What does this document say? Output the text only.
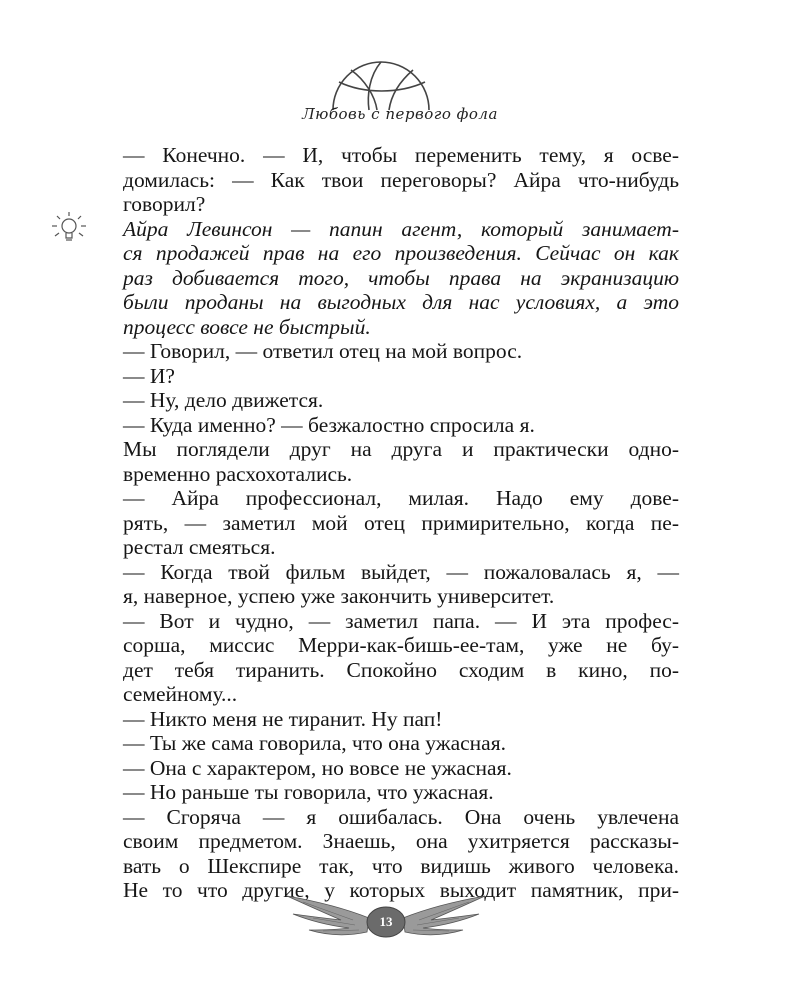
Любовь с первого фола
— Конечно. — И, чтобы переменить тему, я осве-
домилась: — Как твои переговоры? Айра что-нибудь
говорил?
Айра Левинсон — папин агент, который занимает-
ся продажей прав на его произведения. Сейчас он как
раз добивается того, чтобы права на экранизацию
были проданы на выгодных для нас условиях, а это
процесс вовсе не быстрый.
— Говорил, — ответил отец на мой вопрос.
— И?
— Ну, дело движется.
— Куда именно? — безжалостно спросила я.
Мы поглядели друг на друга и практически одно-
временно расхохотались.
— Айра профессионал, милая. Надо ему дове-
рять, — заметил мой отец примирительно, когда пе-
рестал смеяться.
— Когда твой фильм выйдет, — пожаловалась я, —
я, наверное, успею уже закончить университет.
— Вот и чудно, — заметил папа. — И эта профес-
сорша, миссис Мерри-как-бишь-ее-там, уже не бу-
дет тебя тиранить. Спокойно сходим в кино, по-
семейному...
— Никто меня не тиранит. Ну пап!
— Ты же сама говорила, что она ужасная.
— Она с характером, но вовсе не ужасная.
— Но раньше ты говорила, что ужасная.
— Сгоряча — я ошибалась. Она очень увлечена
своим предметом. Знаешь, она ухитряется рассказы-
вать о Шекспире так, что видишь живого человека.
Не то что другие, у которых выходит памятник, при-
13
